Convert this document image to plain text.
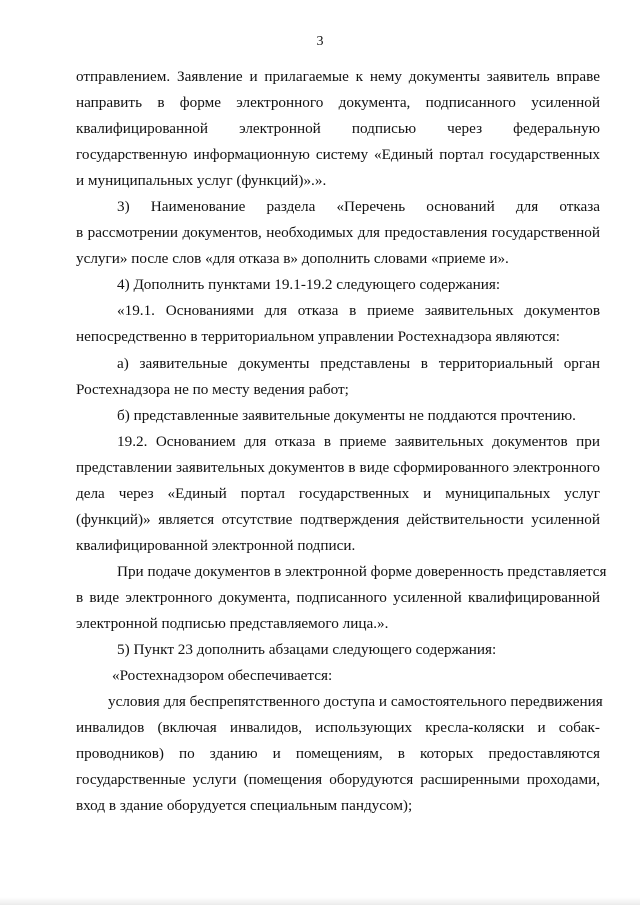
3
отправлением. Заявление и прилагаемые к нему документы заявитель вправе
направить в форме электронного документа, подписанного усиленной
квалифицированной электронной подписью через федеральную
государственную информационную систему «Единый портал государственных
и муниципальных услуг (функций)».».
3) Наименование раздела «Перечень оснований для отказа
в рассмотрении документов, необходимых для предоставления государственной
услуги» после слов «для отказа в» дополнить словами «приеме и».
4) Дополнить пунктами 19.1-19.2 следующего содержания:
«19.1. Основаниями для отказа в приеме заявительных документов
непосредственно в территориальном управлении Ростехнадзора являются:
а) заявительные документы представлены в территориальный орган
Ростехнадзора не по месту ведения работ;
б) представленные заявительные документы не поддаются прочтению.
19.2. Основанием для отказа в приеме заявительных документов при
представлении заявительных документов в виде сформированного электронного
дела через «Единый портал государственных и муниципальных услуг
(функций)» является отсутствие подтверждения действительности усиленной
квалифицированной электронной подписи.
При подаче документов в электронной форме доверенность представляется
в виде электронного документа, подписанного усиленной квалифицированной
электронной подписью представляемого лица.».
5) Пункт 23 дополнить абзацами следующего содержания:
«Ростехнадзором обеспечивается:
условия для беспрепятственного доступа и самостоятельного передвижения
инвалидов (включая инвалидов, использующих кресла-коляски и собак-
проводников) по зданию и помещениям, в которых предоставляются
государственные услуги (помещения оборудуются расширенными проходами,
вход в здание оборудуется специальным пандусом);
